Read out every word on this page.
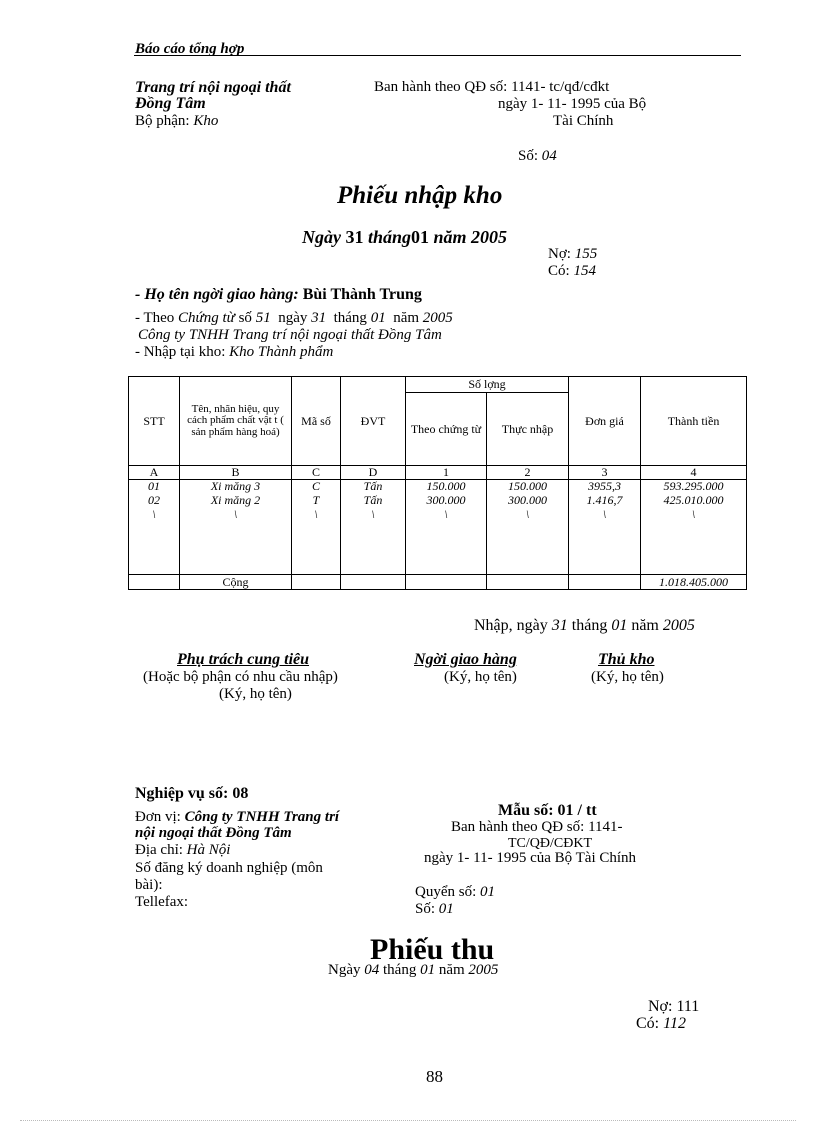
Báo cáo tổng hợp
Trang trí nội ngoại thất
Đồng Tâm
Bộ phận: Kho
Ban hành theo QĐ số: 1141- tc/qđ/cđkt
ngày 1- 11- 1995 của Bộ
Tài Chính
Số: 04
Phiếu nhập kho
Ngày 31 tháng01 năm 2005
Nợ: 155
Có: 154
- Họ tên ngời giao hàng: Bùi Thành Trung
- Theo Chứng từ số 51 ngày 31 tháng 01 năm 2005
Công ty TNHH Trang trí nội ngoại thất Đồng Tâm
- Nhập tại kho: Kho Thành phẩm
STT	Tên, nhãn hiệu, quy cách phẩm chất vật t ( sản phẩm hàng hoá)	Mã số	ĐVT	Số lợng		Đơn giá	Thành tiền
				Theo chứng từ	Thực nhập		
A	B	C	D	1	2	3	4
01	Xi măng 3	C	Tấn	150.000	150.000	3955,3	593.295.000
02	Xi măng 2	T	Tấn	300.000	300.000	1.416,7	425.010.000
\	\	\	\	\	\	\	\
	Cộng						1.018.405.000
Nhập, ngày 31 tháng 01 năm 2005
Phụ trách cung tiêu
(Hoặc bộ phận có nhu cầu nhập)
(Ký, họ tên)
Ngời giao hàng
(Ký, họ tên)
Thủ kho
(Ký, họ tên)
Nghiệp vụ số: 08
Đơn vị: Công ty TNHH Trang trí
nội ngoại thất Đồng Tâm
Địa chỉ: Hà Nội
Số đăng ký doanh nghiệp (môn
bài):
Tellefax:
Mẫu số: 01 / tt
Ban hành theo QĐ số: 1141-
TC/QĐ/CĐKT
ngày 1- 11- 1995 của Bộ Tài Chính
Quyển số: 01
Số: 01
Phiếu thu
Ngày 04 tháng 01 năm 2005
Nợ: 111
Có: 112
88
